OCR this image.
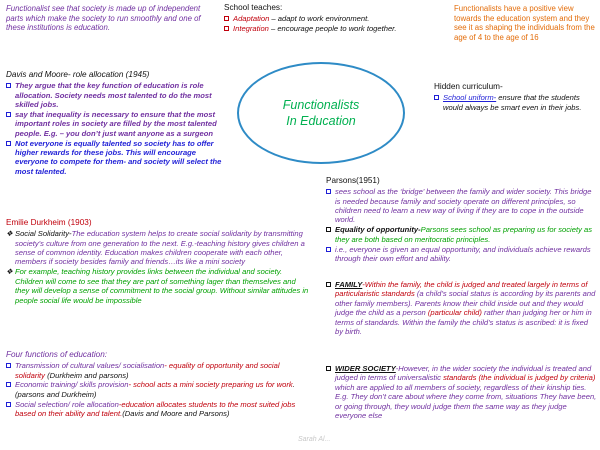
Functionalist see that society is made up of independent parts which make the society to run smoothly and one of these institutions is education.
School teaches:
Adaptation – adapt to work environment.
Integration – encourage people to work together.
Functionalists have a positive view towards the education system and they see it as shaping the individuals from the age of 4 to the age of 16
Functionalists
In Education
Davis and Moore- role allocation (1945)
They argue that the key function of education is role allocation. Society needs most talented to do the most skilled jobs.
say that inequality is necessary to ensure that the most important roles in society are filled by the most talented people. E.g. – you don’t just want anyone as a surgeon
Not everyone is equally talented so society has to offer higher rewards for these jobs. This will encourage everyone to compete for them- and society will select the most talented.
Hidden curriculum-
School uniform- ensure that the students would always be smart even in their jobs.
Parsons(1951)
sees school as the ‘bridge’ between the family and wider society. This bridge is needed because family and society operate on different principles, so children need to learn a new way of living if they are to cope in the outside world.
Equality of opportunity-Parsons sees school as preparing us for society as they are both based on meritocratic principles.
i.e., everyone is given an equal opportunity, and individuals achieve rewards through their own effort and ability.
Emilie Durkheim (1903)
❖ Social Solidarity-The education system helps to create social solidarity by transmitting society’s culture from one generation to the next. E.g.-teaching history gives children a sense of common identity. Education makes children cooperate with each other, members if society besides family and friends…its like a mini society
❖ For example, teaching history provides links between the individual and society. Children will come to see that they are part of something lager than themselves and they will develop a sense of commitment to the social group. Without similar attitudes in people social life would be impossible
FAMILY-Within the family, the child is judged and treated largely in terms of particularistic standards (a child’s social status is according by its parents and other family members). Parents know their child inside out and they would judge the child as a person (particular child) rather than judging her or him in terms of standards. Within the family the child’s status is ascribed: it is fixed by birth.
Four functions of education:
Transmission of cultural values/ socialisation- equality of opportunity and social solidarity (Durkheim and parsons)
Economic training/ skills provision- school acts a mini society preparing us for work. (parsons and Durkheim)
Social selection/ role allocation-education allocates students to the most suited jobs based on their ability and talent.(Davis and Moore and Parsons)
WIDER SOCIETY-However, in the wider society the individual is treated and judged in terms of universalistic standards (the individual is judged by criteria) which are applied to all members of society, regardless of their kinship ties. E.g. They don’t care about where they come from, situations They have been, or going through, they would judge them the same way as they judge everyone else
Sarah Al...
